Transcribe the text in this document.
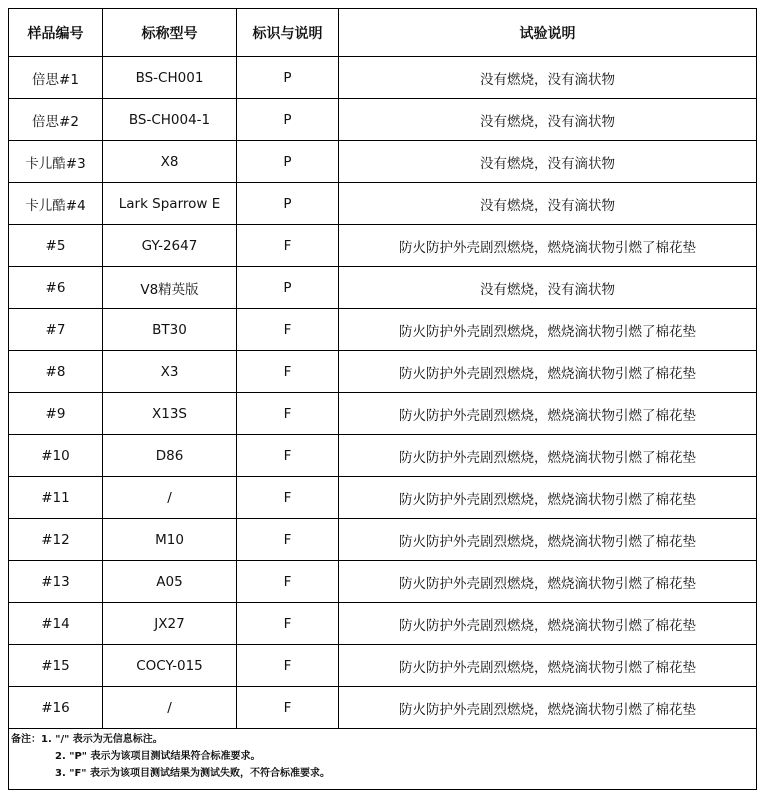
样品编号	标称型号	标识与说明	试验说明
倍思#1	BS-CH001	P	没有燃烧，没有滴状物
倍思#2	BS-CH004-1	P	没有燃烧，没有滴状物
卡儿酷#3	X8	P	没有燃烧，没有滴状物
卡儿酷#4	Lark Sparrow E	P	没有燃烧，没有滴状物
#5	GY-2647	F	防火防护外壳剧烈燃烧，燃烧滴状物引燃了棉花垫
#6	V8精英版	P	没有燃烧，没有滴状物
#7	BT30	F	防火防护外壳剧烈燃烧，燃烧滴状物引燃了棉花垫
#8	X3	F	防火防护外壳剧烈燃烧，燃烧滴状物引燃了棉花垫
#9	X13S	F	防火防护外壳剧烈燃烧，燃烧滴状物引燃了棉花垫
#10	D86	F	防火防护外壳剧烈燃烧，燃烧滴状物引燃了棉花垫
#11	/	F	防火防护外壳剧烈燃烧，燃烧滴状物引燃了棉花垫
#12	M10	F	防火防护外壳剧烈燃烧，燃烧滴状物引燃了棉花垫
#13	A05	F	防火防护外壳剧烈燃烧，燃烧滴状物引燃了棉花垫
#14	JX27	F	防火防护外壳剧烈燃烧，燃烧滴状物引燃了棉花垫
#15	COCY-015	F	防火防护外壳剧烈燃烧，燃烧滴状物引燃了棉花垫
#16	/	F	防火防护外壳剧烈燃烧，燃烧滴状物引燃了棉花垫

备注：1. "/" 表示为无信息标注。
2. "P" 表示为该项目测试结果符合标准要求。
3. "F" 表示为该项目测试结果为测试失败，不符合标准要求。			
